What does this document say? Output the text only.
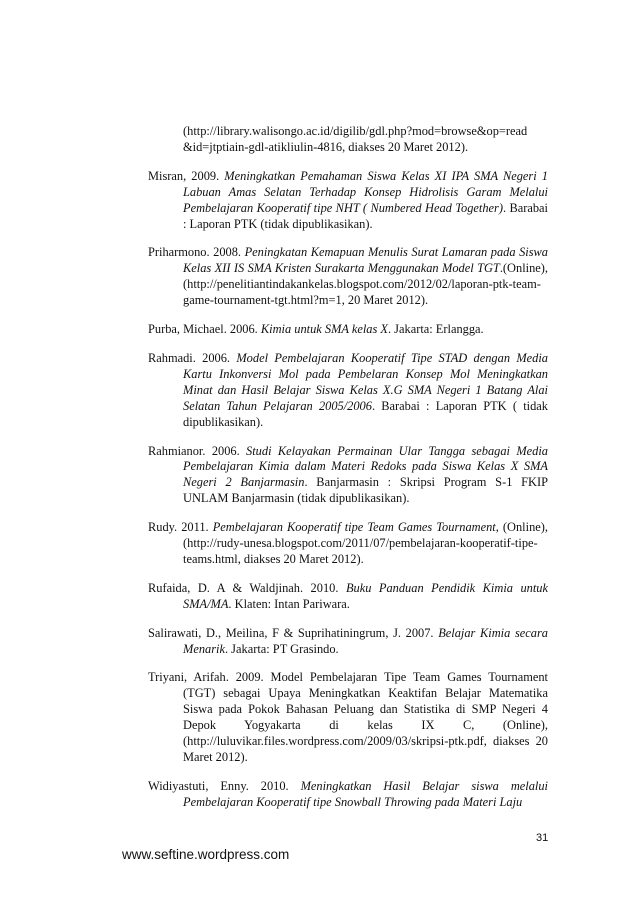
(http://library.walisongo.ac.id/digilib/gdl.php?mod=browse&op=read &id=jtptiain-gdl-atikliulin-4816, diakses 20 Maret 2012).

Misran, 2009. Meningkatkan Pemahaman Siswa Kelas XI IPA SMA Negeri 1 Labuan Amas Selatan Terhadap Konsep Hidrolisis Garam Melalui Pembelajaran Kooperatif tipe NHT ( Numbered Head Together). Barabai : Laporan PTK (tidak dipublikasikan).

Priharmono. 2008. Peningkatan Kemapuan Menulis Surat Lamaran pada Siswa Kelas XII IS SMA Kristen Surakarta Menggunakan Model TGT.(Online), (http://penelitiantindakankelas.blogspot.com/2012/02/laporan-ptk-team-game-tournament-tgt.html?m=1, 20 Maret 2012).

Purba, Michael. 2006. Kimia untuk SMA kelas X. Jakarta: Erlangga.

Rahmadi. 2006. Model Pembelajaran Kooperatif Tipe STAD dengan Media Kartu Inkonversi Mol pada Pembelaran Konsep Mol Meningkatkan Minat dan Hasil Belajar Siswa Kelas X.G SMA Negeri 1 Batang Alai Selatan Tahun Pelajaran 2005/2006. Barabai : Laporan PTK ( tidak dipublikasikan).

Rahmianor. 2006. Studi Kelayakan Permainan Ular Tangga sebagai Media Pembelajaran Kimia dalam Materi Redoks pada Siswa Kelas X SMA Negeri 2 Banjarmasin. Banjarmasin : Skripsi Program S-1 FKIP UNLAM Banjarmasin (tidak dipublikasikan).

Rudy. 2011. Pembelajaran Kooperatif tipe Team Games Tournament, (Online), (http://rudy-unesa.blogspot.com/2011/07/pembelajaran-kooperatif-tipe-teams.html, diakses 20 Maret 2012).

Rufaida, D. A & Waldjinah. 2010. Buku Panduan Pendidik Kimia untuk SMA/MA. Klaten: Intan Pariwara.

Salirawati, D., Meilina, F & Suprihatiningrum, J. 2007. Belajar Kimia secara Menarik. Jakarta: PT Grasindo.

Triyani, Arifah. 2009. Model Pembelajaran Tipe Team Games Tournament (TGT) sebagai Upaya Meningkatkan Keaktifan Belajar Matematika Siswa pada Pokok Bahasan Peluang dan Statistika di SMP Negeri 4 Depok Yogyakarta di kelas IX C, (Online), (http://luluvikar.files.wordpress.com/2009/03/skripsi-ptk.pdf, diakses 20 Maret 2012).

Widiyastuti, Enny. 2010. Meningkatkan Hasil Belajar siswa melalui Pembelajaran Kooperatif tipe Snowball Throwing pada Materi Laju

31
www.seftine.wordpress.com
